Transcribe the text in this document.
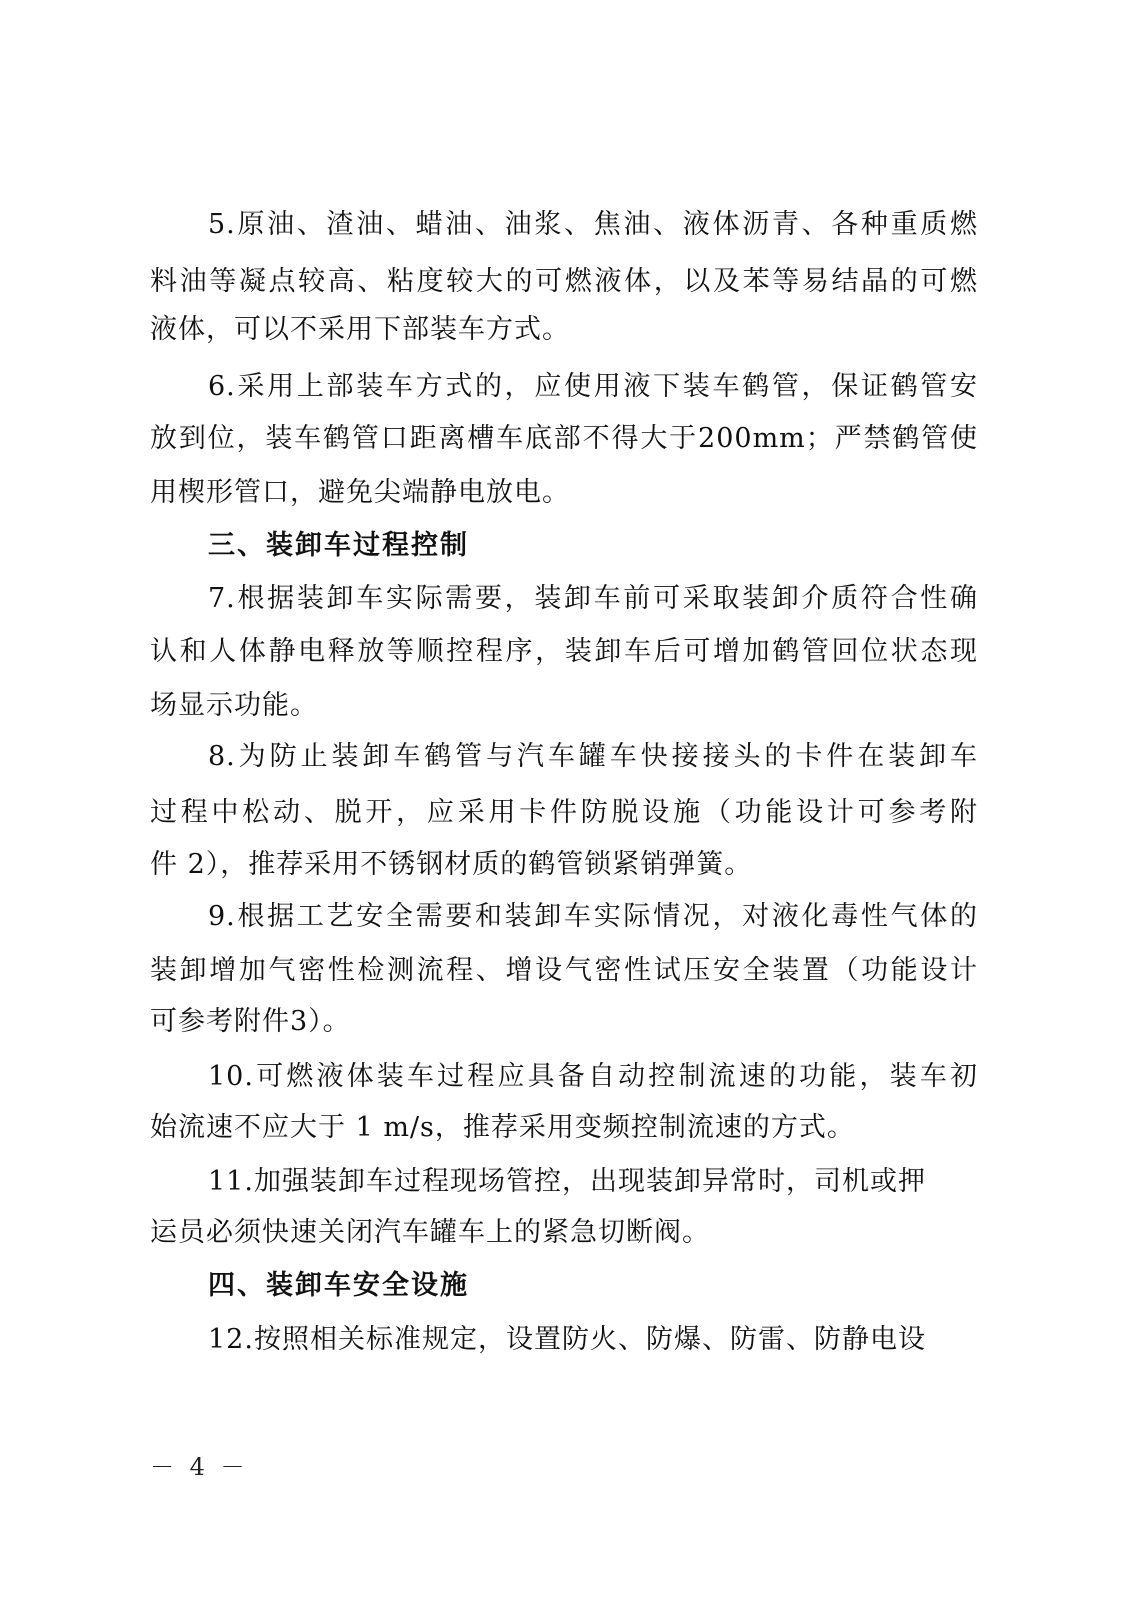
5.原油、渣油、蜡油、油浆、焦油、液体沥青、各种重质燃
料油等凝点较高、粘度较大的可燃液体，以及苯等易结晶的可燃
液体，可以不采用下部装车方式。
6.采用上部装车方式的，应使用液下装车鹤管，保证鹤管安
放到位，装车鹤管口距离槽车底部不得大于200mm；严禁鹤管使
用楔形管口，避免尖端静电放电。
三、装卸车过程控制
7.根据装卸车实际需要，装卸车前可采取装卸介质符合性确
认和人体静电释放等顺控程序，装卸车后可增加鹤管回位状态现
场显示功能。
8.为防止装卸车鹤管与汽车罐车快接接头的卡件在装卸车
过程中松动、脱开，应采用卡件防脱设施（功能设计可参考附
件 2），推荐采用不锈钢材质的鹤管锁紧销弹簧。
9.根据工艺安全需要和装卸车实际情况，对液化毒性气体的
装卸增加气密性检测流程、增设气密性试压安全装置（功能设计
可参考附件3）。
10.可燃液体装车过程应具备自动控制流速的功能，装车初
始流速不应大于 1 m/s，推荐采用变频控制流速的方式。
11.加强装卸车过程现场管控，出现装卸异常时，司机或押
运员必须快速关闭汽车罐车上的紧急切断阀。
四、装卸车安全设施
12.按照相关标准规定，设置防火、防爆、防雷、防静电设
－ 4 －
